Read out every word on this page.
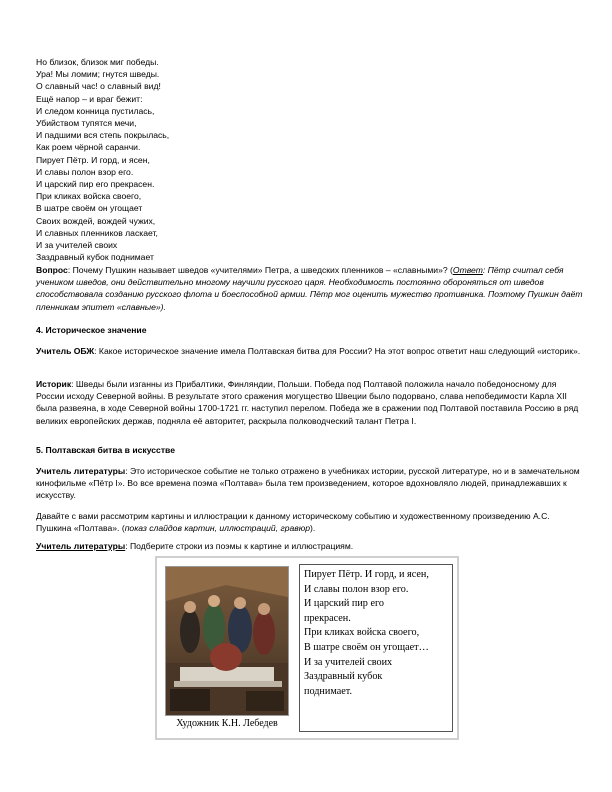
Но близок, близок миг победы.
Ура! Мы ломим; гнутся шведы.
О славный час! о славный вид!
Ещё напор – и враг бежит:
И следом конница пустилась,
Убийством тупятся мечи,
И падшими вся степь покрылась,
Как роем чёрной саранчи.
Пирует Пётр. И горд, и ясен,
И славы полон взор его.
И царский пир его прекрасен.
При кликах войска своего,
В шатре своём он угощает
Своих вождей, вождей чужих,
И славных пленников ласкает,
И за учителей своих
Заздравный кубок поднимает
Вопрос: Почему Пушкин называет шведов «учителями» Петра, а шведских пленников – «славными»? (Ответ: Пётр считал себя учеником шведов, они действительно многому научили русского царя. Необходимость постоянно обороняться от шведов способствовала созданию русского флота и боеспособной армии. Пётр мог оценить мужество противника. Поэтому Пушкин даёт пленникам эпитет «славные»).
4. Историческое значение
Учитель ОБЖ: Какое историческое значение имела Полтавская битва для России? На этот вопрос ответит наш следующий «историк».
Историк: Шведы были изганны из Прибалтики, Финляндии, Польши. Победа под Полтавой положила начало победоносному для России исходу Северной войны. В результате этого сражения могущество Швеции было подорвано, слава непобедимости Карла XII была развеяна, в ходе Северной войны 1700-1721 гг. наступил перелом. Победа же в сражении под Полтавой поставила Россию в ряд великих европейских держав, подняла её авторитет, раскрыла полководческий талант Петра I.
5. Полтавская битва в искусстве
Учитель литературы: Это историческое событие не только отражено в учебниках истории, русской литературе, но и в замечательном кинофильме «Пётр I». Во все времена поэма «Полтава» была тем произведением, которое вдохновляло людей, принадлежавших к искусству.
Давайте с вами рассмотрим картины и иллюстрации к данному историческому событию и художественному произведению А.С. Пушкина «Полтава». (показ слайдов картин, иллюстраций, гравюр).
Учитель литературы: Подберите строки из поэмы к картине и иллюстрациям.
Художник К.Н. Лебедев
Пирует Пётр. И горд, и ясен,
И славы полон взор его.
И царский пир его
прекрасен.
При кликах войска своего,
В шатре своём он угощает…
И за учителей своих
Заздравный кубок
поднимает.
